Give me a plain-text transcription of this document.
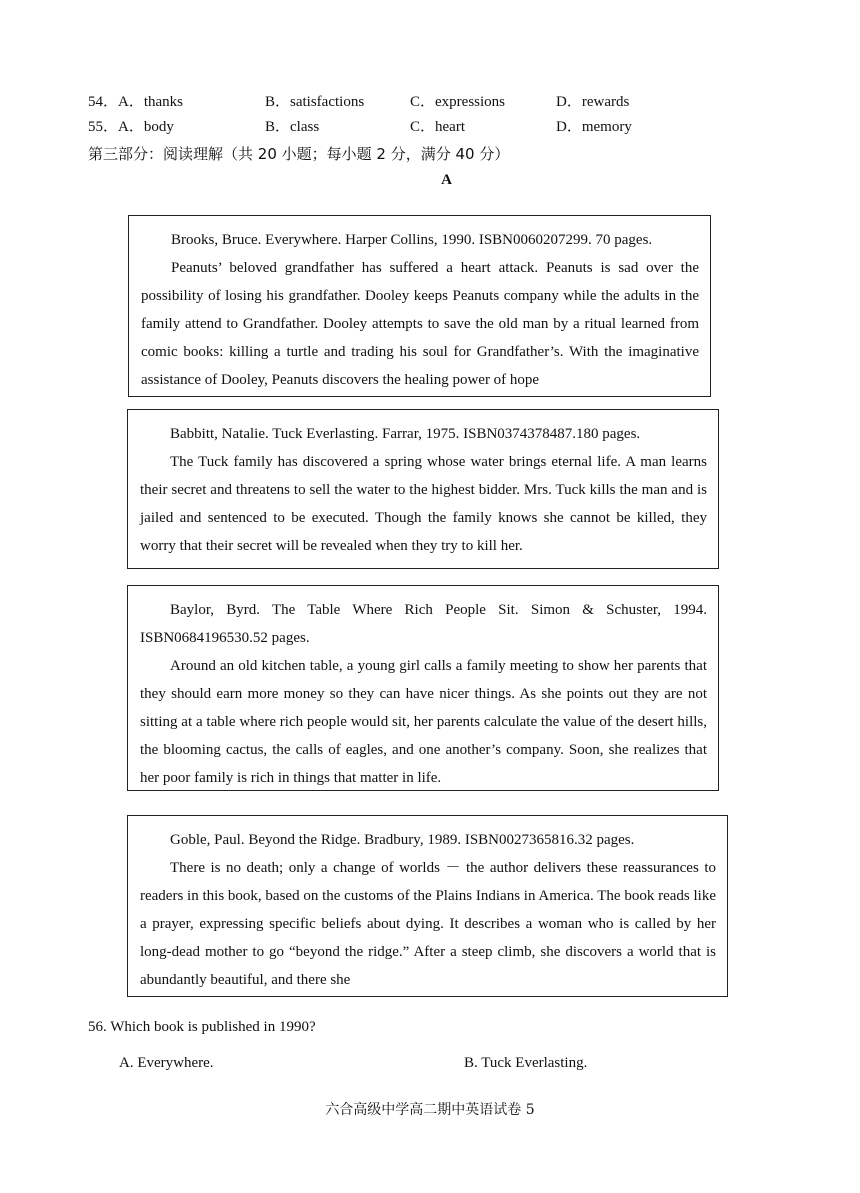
54．A．thanks	B．satisfactions	C．expressions	D．rewards
55．A．body	B．class	C．heart	D．memory
第三部分：阅读理解（共 20 小题；每小题 2 分，满分 40 分）
A

Brooks, Bruce. Everywhere. Harper Collins, 1990. ISBN0060207299. 70 pages.

Peanuts’ beloved grandfather has suffered a heart attack. Peanuts is sad over the possibility of losing his grandfather. Dooley keeps Peanuts company while the adults in the family attend to Grandfather. Dooley attempts to save the old man by a ritual learned from comic books: killing a turtle and trading his soul for Grandfather’s. With the imaginative assistance of Dooley, Peanuts discovers the healing power of hope

Babbitt, Natalie. Tuck Everlasting. Farrar, 1975. ISBN0374378487.180 pages.

The Tuck family has discovered a spring whose water brings eternal life. A man learns their secret and threatens to sell the water to the highest bidder. Mrs. Tuck kills the man and is jailed and sentenced to be executed. Though the family knows she cannot be killed, they worry that their secret will be revealed when they try to kill her.

Baylor, Byrd. The Table Where Rich People Sit. Simon & Schuster, 1994. ISBN0684196530.52 pages.

Around an old kitchen table, a young girl calls a family meeting to show her parents that they should earn more money so they can have nicer things. As she points out they are not sitting at a table where rich people would sit, her parents calculate the value of the desert hills, the blooming cactus, the calls of eagles, and one another’s company. Soon, she realizes that her poor family is rich in things that matter in life.

Goble, Paul. Beyond the Ridge. Bradbury, 1989. ISBN0027365816.32 pages.

There is no death; only a change of worlds － the author delivers these reassurances to readers in this book, based on the customs of the Plains Indians in America. The book reads like a prayer, expressing specific beliefs about dying. It describes a woman who is called by her long-dead mother to go “beyond the ridge.” After a steep climb, she discovers a world that is abundantly beautiful, and there she

56. Which book is published in 1990?
A. Everywhere.	B. Tuck Everlasting.
六合高级中学高二期中英语试卷 5
